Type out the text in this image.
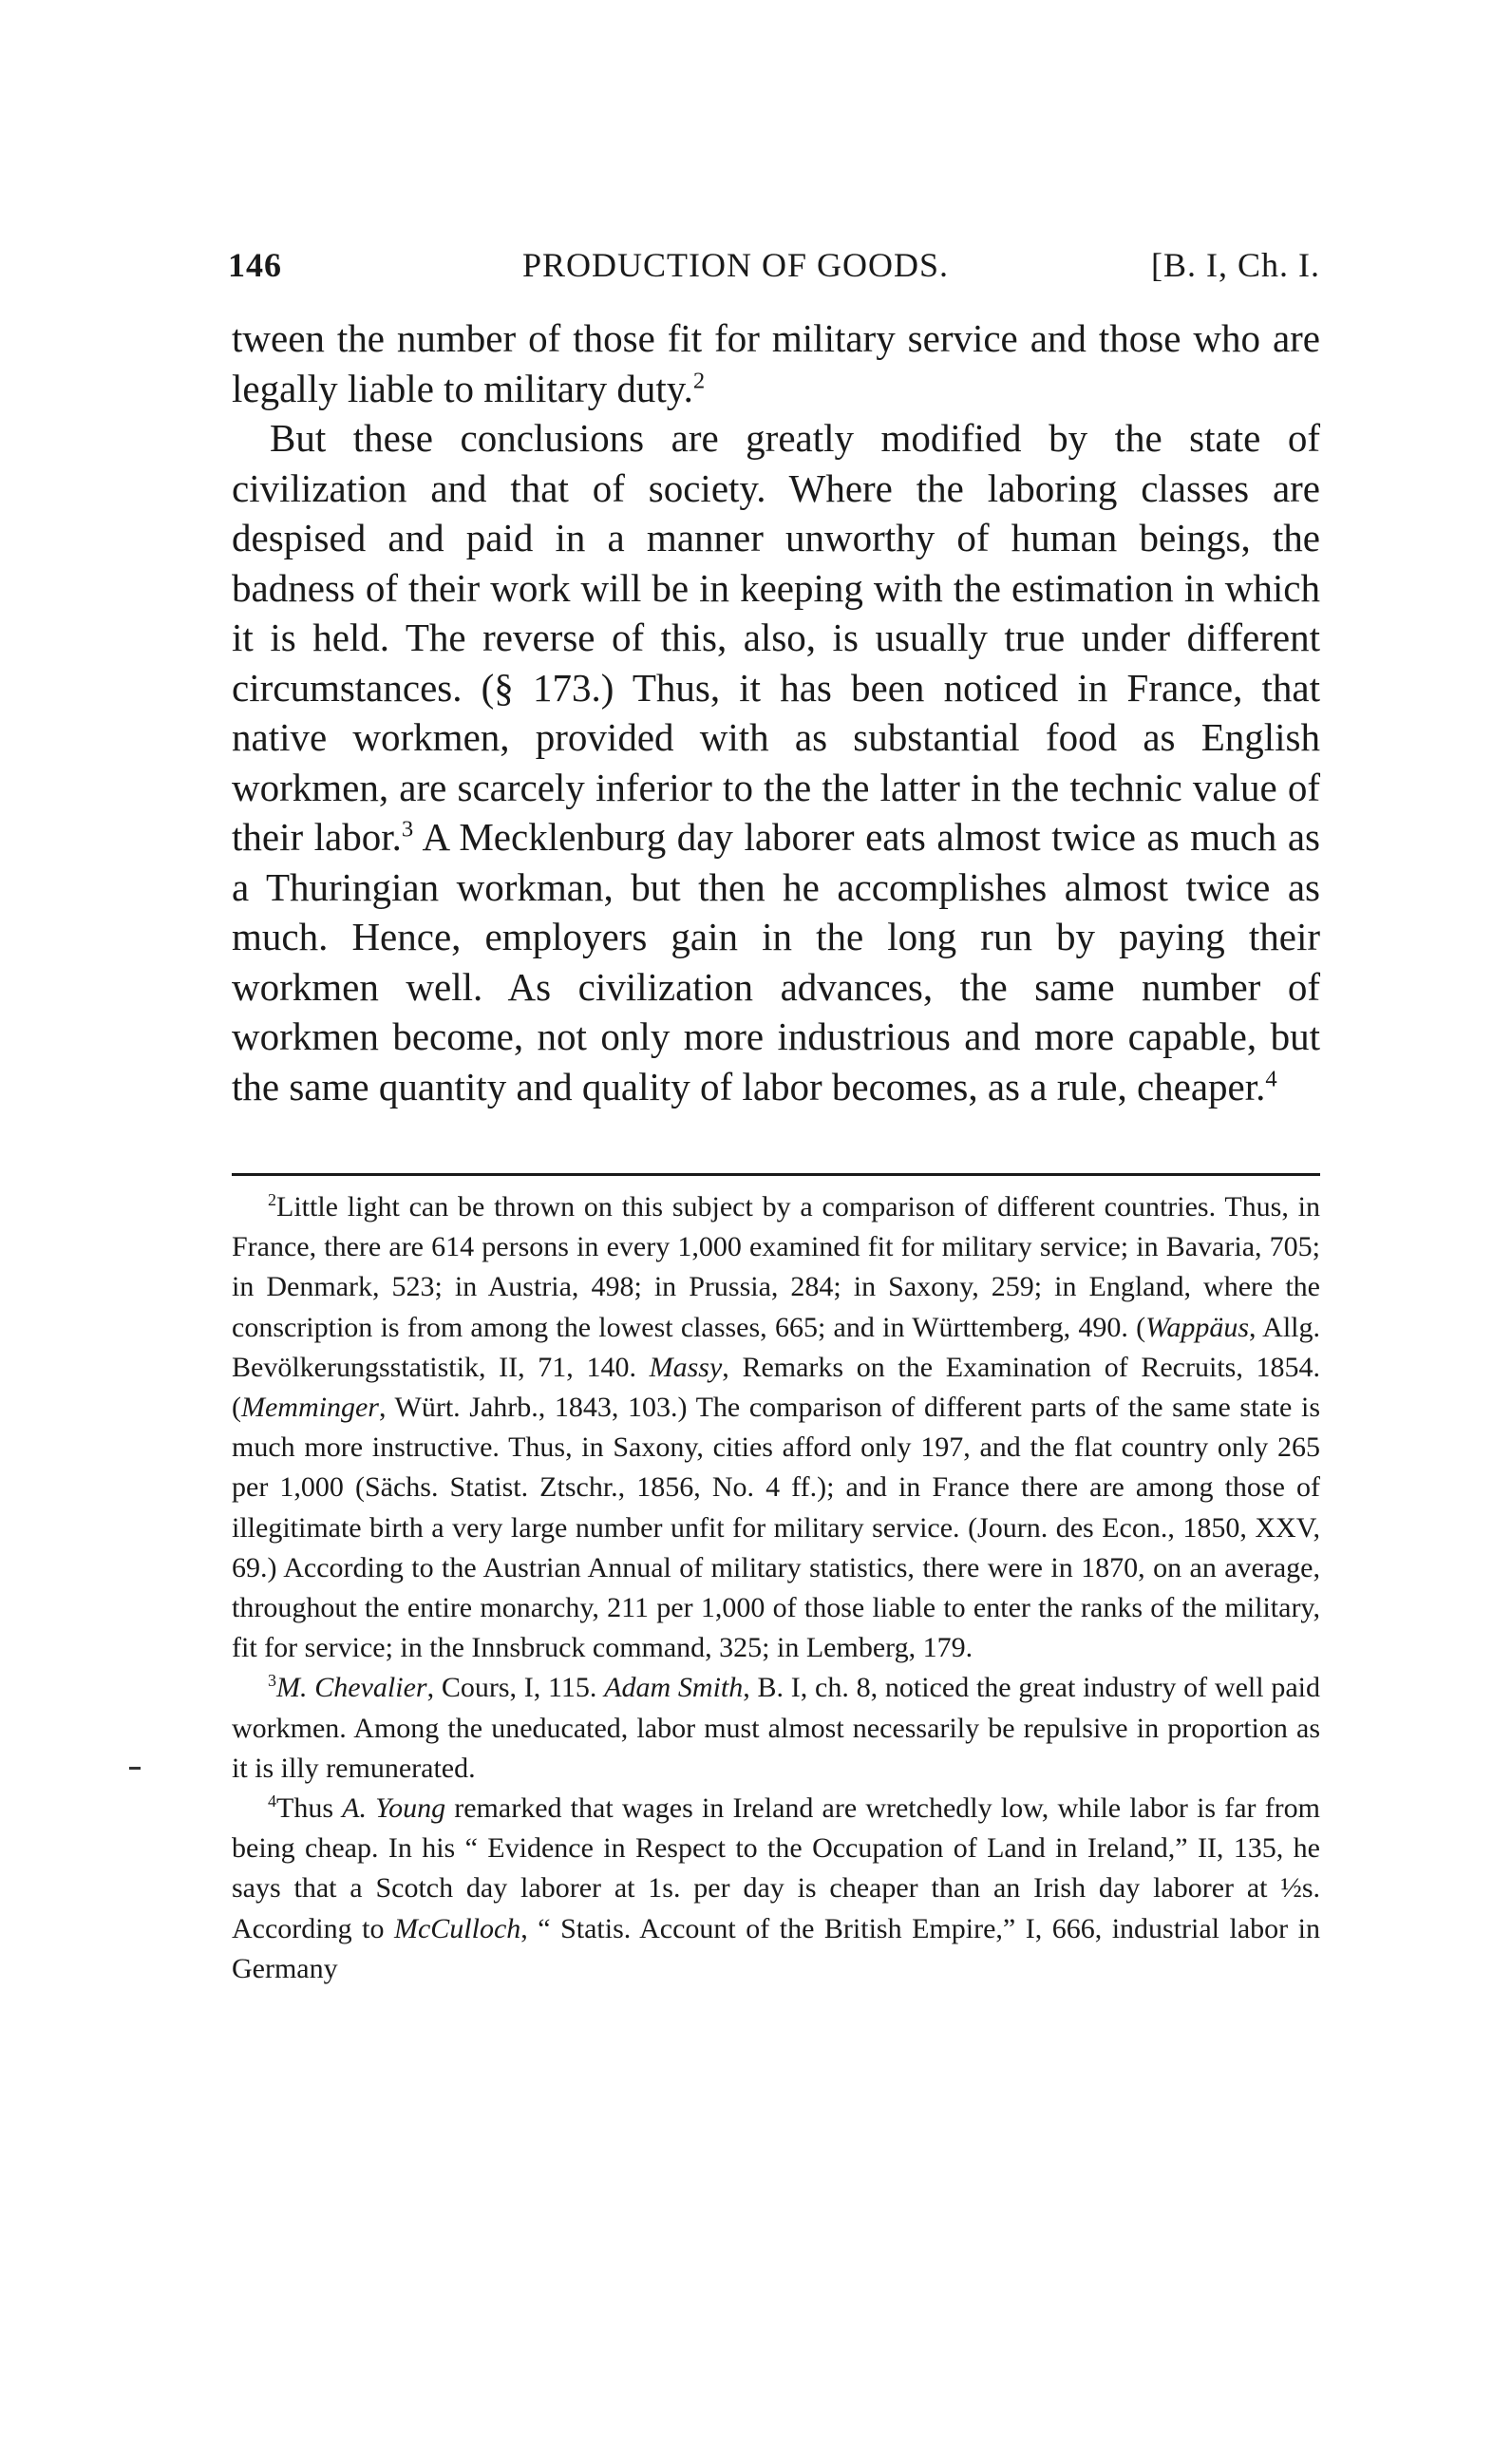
146	PRODUCTION OF GOODS.	[B. I, Ch. I.

tween the number of those fit for military service and those who are legally liable to military duty.$^2$

But these conclusions are greatly modified by the state of civilization and that of society. Where the laboring classes are despised and paid in a manner unworthy of human beings, the badness of their work will be in keeping with the estimation in which it is held. The reverse of this, also, is usually true under different circumstances. (§ 173.) Thus, it has been noticed in France, that native workmen, provided with as substantial food as English workmen, are scarcely inferior to the the latter in the technic value of their labor.$^3$ A Mecklenburg day laborer eats almost twice as much as a Thuringian workman, but then he accomplishes almost twice as much. Hence, employers gain in the long run by paying their workmen well. As civilization advances, the same number of workmen become, not only more industrious and more capable, but the same quantity and quality of labor becomes, as a rule, cheaper.$^4$

$^2$Little light can be thrown on this subject by a comparison of different countries. Thus, in France, there are 614 persons in every 1,000 examined fit for military service; in Bavaria, 705; in Denmark, 523; in Austria, 498; in Prussia, 284; in Saxony, 259; in England, where the conscription is from among the lowest classes, 665; and in Württemberg, 490. (Wappäus, Allg. Bevölkerungsstatistik, II, 71, 140. Massy, Remarks on the Examination of Recruits, 1854. (Memminger, Würt. Jahrb., 1843, 103.) The comparison of different parts of the same state is much more instructive. Thus, in Saxony, cities afford only 197, and the flat country only 265 per 1,000 (Sächs. Statist. Ztschr., 1856, No. 4 ff.); and in France there are among those of illegitimate birth a very large number unfit for military service. (Journ. des Econ., 1850, XXV, 69.) According to the Austrian Annual of military statistics, there were in 1870, on an average, throughout the entire monarchy, 211 per 1,000 of those liable to enter the ranks of the military, fit for service; in the Innsbruck command, 325; in Lemberg, 179.

$^3$M. Chevalier, Cours, I, 115. Adam Smith, B. I, ch. 8, noticed the great industry of well paid workmen. Among the uneducated, labor must almost necessarily be repulsive in proportion as it is illy remunerated.

$^4$Thus A. Young remarked that wages in Ireland are wretchedly low, while labor is far from being cheap. In his “ Evidence in Respect to the Occupation of Land in Ireland,” II, 135, he says that a Scotch day laborer at 1s. per day is cheaper than an Irish day laborer at ½s. According to McCulloch, “ Statis. Account of the British Empire,” I, 666, industrial labor in Germany
